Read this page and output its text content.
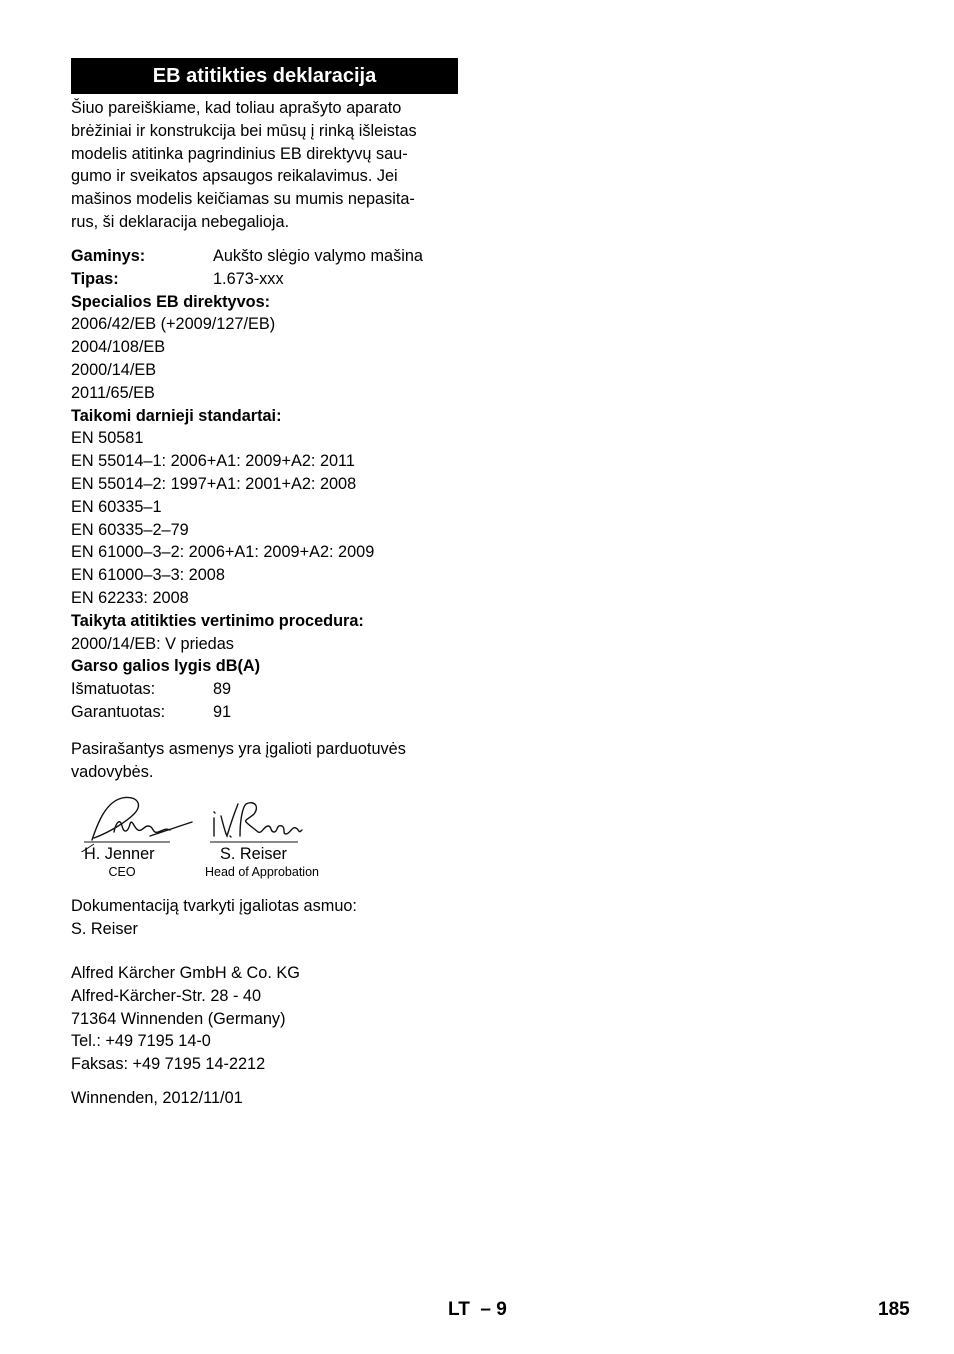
EB atitikties deklaracija
Šiuo pareiškiame, kad toliau aprašyto aparato
brėžiniai ir konstrukcija bei mūsų į rinką išleistas
modelis atitinka pagrindinius EB direktyvų sau-
gumo ir sveikatos apsaugos reikalavimus. Jei
mašinos modelis keičiamas su mumis nepasita-
rus, ši deklaracija nebegalioja.
Gaminys:	Aukšto slėgio valymo mašina
Tipas:	1.673-xxx
Specialios EB direktyvos:
2006/42/EB (+2009/127/EB)
2004/108/EB
2000/14/EB
2011/65/EB
Taikomi darnieji standartai:
EN 50581
EN 55014–1: 2006+A1: 2009+A2: 2011
EN 55014–2: 1997+A1: 2001+A2: 2008
EN 60335–1
EN 60335–2–79
EN 61000–3–2: 2006+A1: 2009+A2: 2009
EN 61000–3–3: 2008
EN 62233: 2008
Taikyta atitikties vertinimo procedura:
2000/14/EB: V priedas
Garso galios lygis dB(A)
Išmatuotas:	89
Garantuotas:	91
Pasirašantys asmenys yra įgalioti parduotuvės
vadovybės.
H. Jenner	S. Reiser
CEO	Head of Approbation
Dokumentaciją tvarkyti įgaliotas asmuo:
S. Reiser
Alfred Kärcher GmbH & Co. KG
Alfred-Kärcher-Str. 28 - 40
71364 Winnenden (Germany)
Tel.: +49 7195 14-0
Faksas: +49 7195 14-2212
Winnenden, 2012/11/01
LT  – 9	185
